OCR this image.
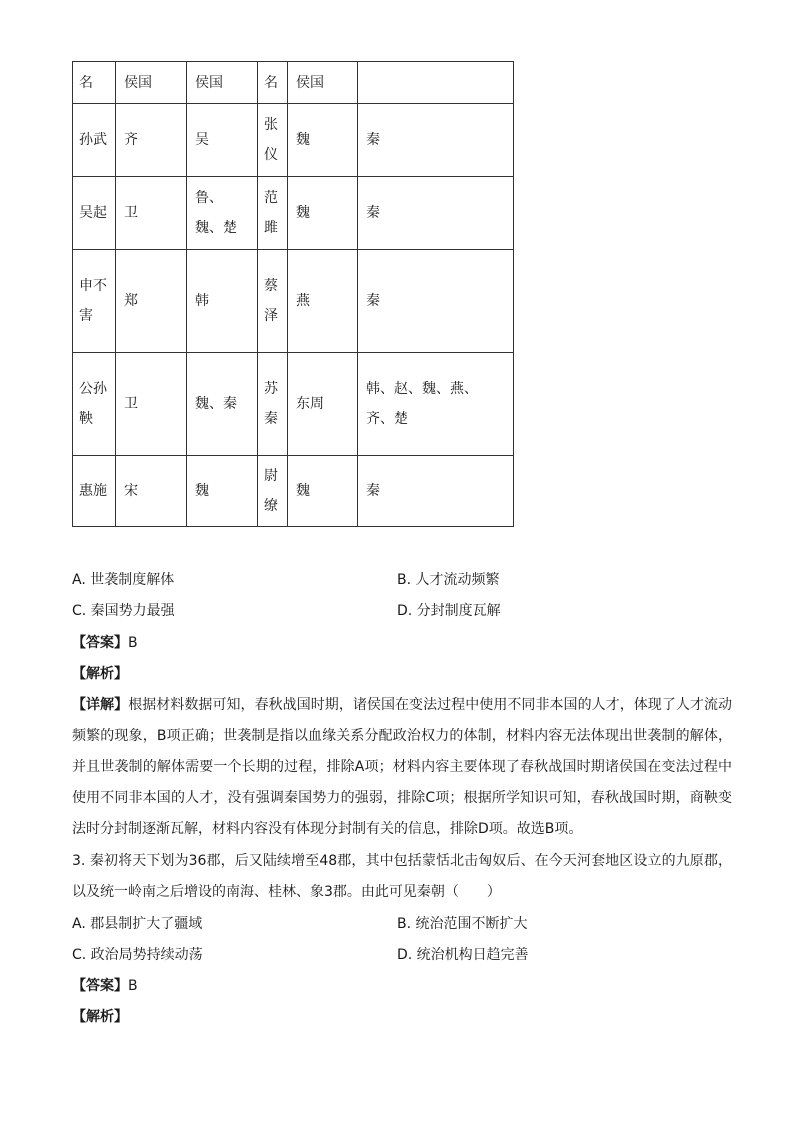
名	侯国	侯国	名	侯国	
孙武	齐	吴	张仪	魏	秦
吴起	卫	鲁、魏、楚	范雎	魏	秦
申不害	郑	韩	蔡泽	燕	秦
公孙鞅	卫	魏、秦	苏秦	东周	韩、赵、魏、燕、齐、楚
惠施	宋	魏	尉缭	魏	秦
A. 世袭制度解体	B. 人才流动频繁
C. 秦国势力最强	D. 分封制度瓦解
【答案】B
【解析】
【详解】根据材料数据可知，春秋战国时期，诸侯国在变法过程中使用不同非本国的人才，体现了人才流动频繁的现象，B项正确；世袭制是指以血缘关系分配政治权力的体制，材料内容无法体现出世袭制的解体，并且世袭制的解体需要一个长期的过程，排除A项；材料内容主要体现了春秋战国时期诸侯国在变法过程中使用不同非本国的人才，没有强调秦国势力的强弱，排除C项；根据所学知识可知，春秋战国时期，商鞅变法时分封制逐渐瓦解，材料内容没有体现分封制有关的信息，排除D项。故选B项。
3. 秦初将天下划为36郡，后又陆续增至48郡，其中包括蒙恬北击匈奴后、在今天河套地区设立的九原郡，以及统一岭南之后增设的南海、桂林、象3郡。由此可见秦朝（　　）
A. 郡县制扩大了疆域	B. 统治范围不断扩大
C. 政治局势持续动荡	D. 统治机构日趋完善
【答案】B
【解析】
